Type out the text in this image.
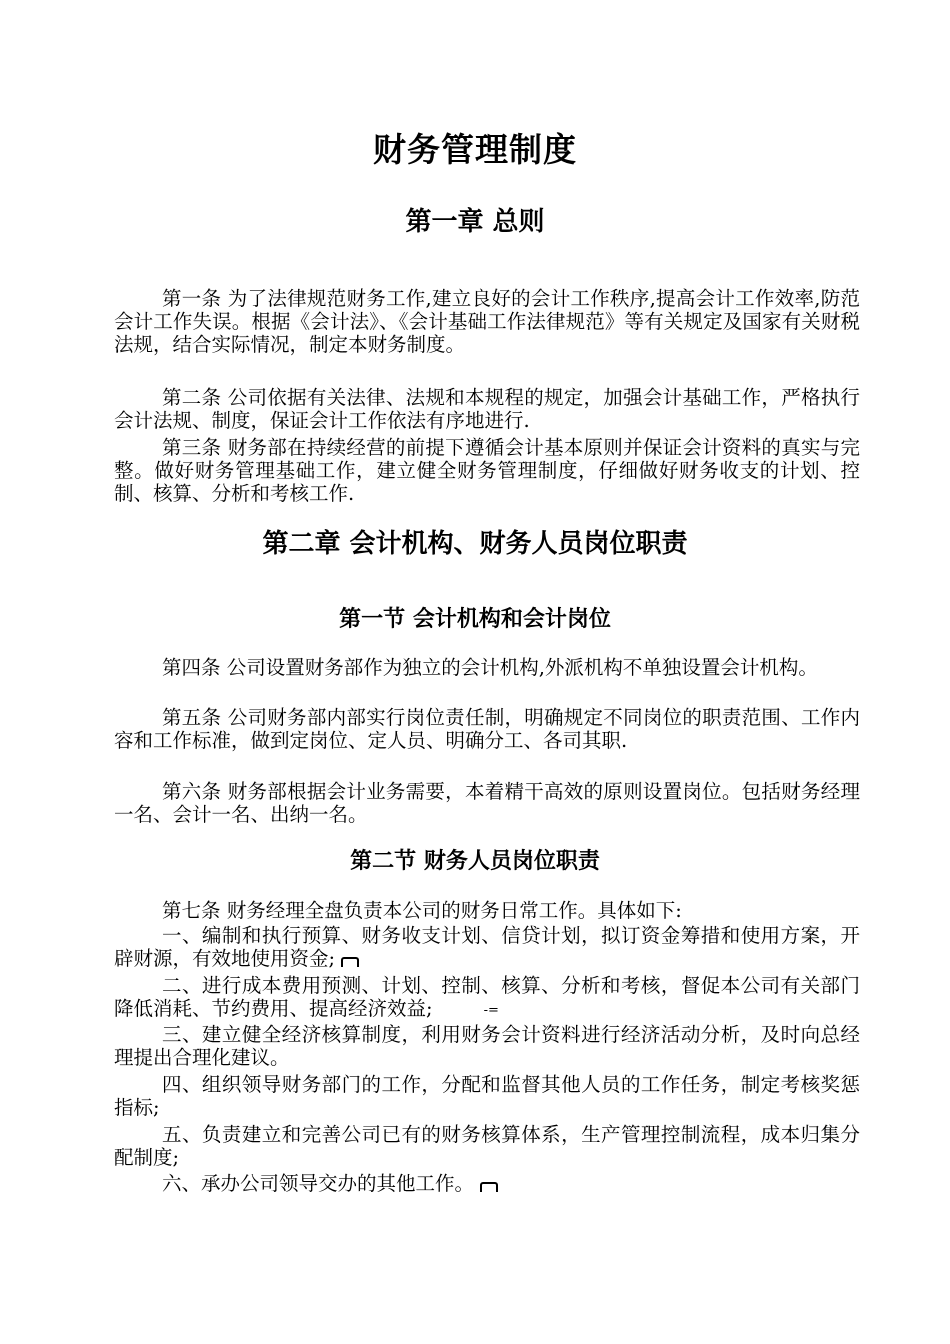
财务管理制度
第一章 总则

第一条 为了法律规范财务工作,建立良好的会计工作秩序,提高会计工作效率,防范会计工作失误。根据《会计法》、《会计基础工作法律规范》等有关规定及国家有关财税法规，结合实际情况，制定本财务制度。

第二条 公司依据有关法律、法规和本规程的规定，加强会计基础工作，严格执行会计法规、制度，保证会计工作依法有序地进行.

第三条 财务部在持续经营的前提下遵循会计基本原则并保证会计资料的真实与完整。做好财务管理基础工作，建立健全财务管理制度，仔细做好财务收支的计划、控制、核算、分析和考核工作.

第二章 会计机构、财务人员岗位职责
第一节 会计机构和会计岗位

第四条 公司设置财务部作为独立的会计机构,外派机构不单独设置会计机构。

第五条 公司财务部内部实行岗位责任制，明确规定不同岗位的职责范围、工作内容和工作标准，做到定岗位、定人员、明确分工、各司其职.

第六条 财务部根据会计业务需要，本着精干高效的原则设置岗位。包括财务经理一名、会计一名、出纳一名。

第二节 财务人员岗位职责

第七条 财务经理全盘负责本公司的财务日常工作。具体如下:

一、编制和执行预算、财务收支计划、信贷计划，拟订资金筹措和使用方案，开辟财源，有效地使用资金;

二、进行成本费用预测、计划、控制、核算、分析和考核，督促本公司有关部门降低消耗、节约费用、提高经济效益;	-=

三、建立健全经济核算制度，利用财务会计资料进行经济活动分析，及时向总经理提出合理化建议。

四、组织领导财务部门的工作，分配和监督其他人员的工作任务，制定考核奖惩指标;

五、负责建立和完善公司已有的财务核算体系，生产管理控制流程，成本归集分配制度;

六、承办公司领导交办的其他工作。
